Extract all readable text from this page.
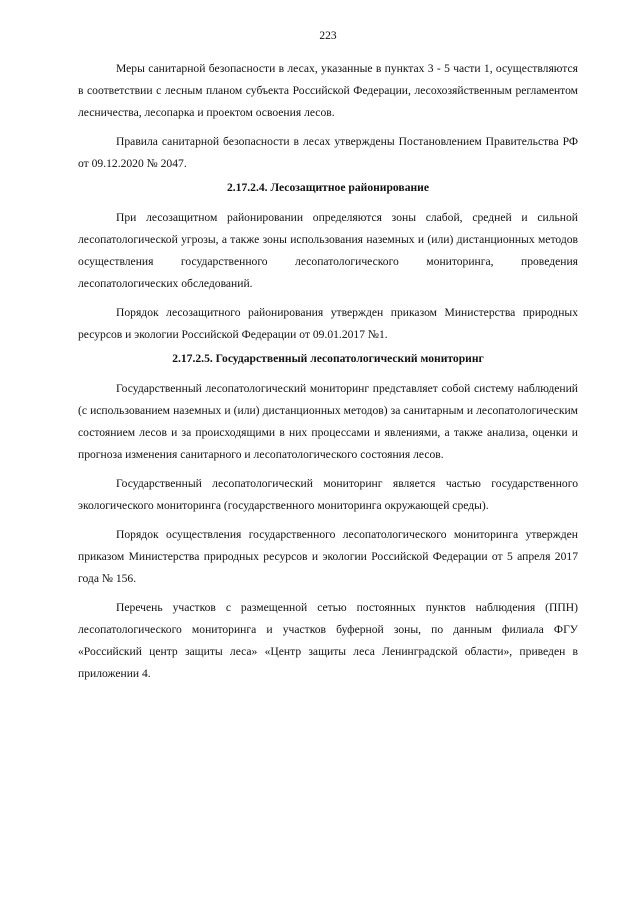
223

Меры санитарной безопасности в лесах, указанные в пунктах 3 - 5 части 1, осуществляются в соответствии с лесным планом субъекта Российской Федерации, лесохозяйственным регламентом лесничества, лесопарка и проектом освоения лесов.

Правила санитарной безопасности в лесах утверждены Постановлением Правительства РФ от 09.12.2020 № 2047.

2.17.2.4. Лесозащитное районирование

При лесозащитном районировании определяются зоны слабой, средней и сильной лесопатологической угрозы, а также зоны использования наземных и (или) дистанционных методов осуществления государственного лесопатологического мониторинга, проведения лесопатологических обследований.

Порядок лесозащитного районирования утвержден приказом Министерства природных ресурсов и экологии Российской Федерации от 09.01.2017 №1.

2.17.2.5. Государственный лесопатологический мониторинг

Государственный лесопатологический мониторинг представляет собой систему наблюдений (с использованием наземных и (или) дистанционных методов) за санитарным и лесопатологическим состоянием лесов и за происходящими в них процессами и явлениями, а также анализа, оценки и прогноза изменения санитарного и лесопатологического состояния лесов.

Государственный лесопатологический мониторинг является частью государственного экологического мониторинга (государственного мониторинга окружающей среды).

Порядок осуществления государственного лесопатологического мониторинга утвержден приказом Министерства природных ресурсов и экологии Российской Федерации от 5 апреля 2017 года № 156.

Перечень участков с размещенной сетью постоянных пунктов наблюдения (ППН) лесопатологического мониторинга и участков буферной зоны, по данным филиала ФГУ «Российский центр защиты леса» «Центр защиты леса Ленинградской области», приведен в приложении 4.
